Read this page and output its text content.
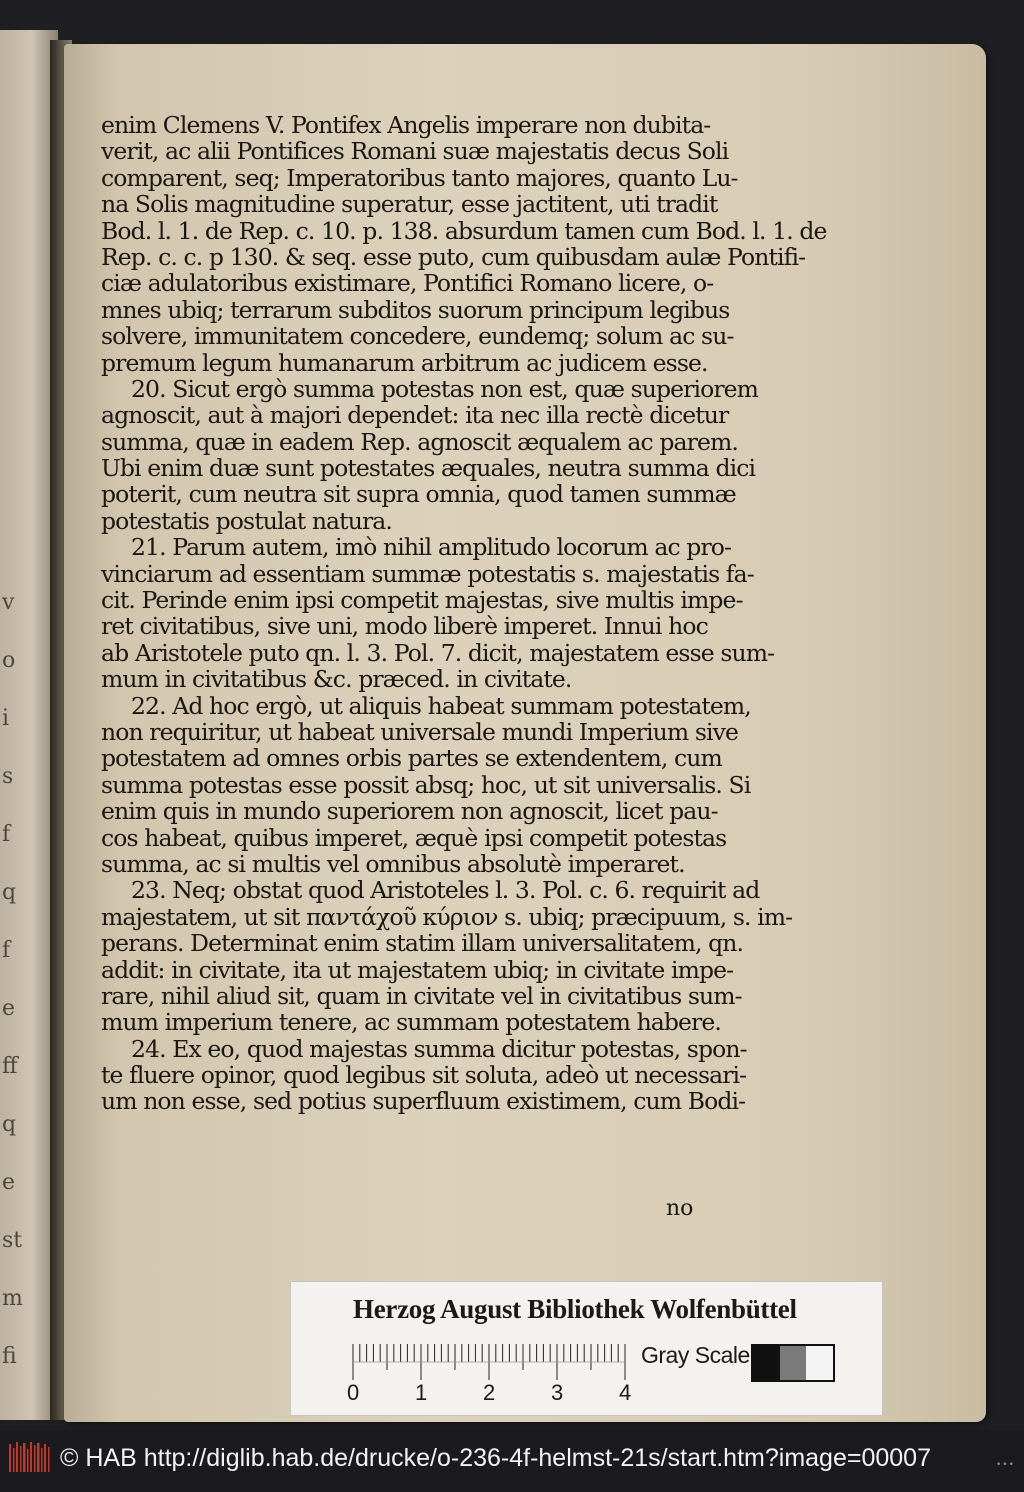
v
o
i
s
f
q
f
e
ff
q
e
st
m
fi
enim Clemens V. Pontifex Angelis imperare non dubita-
verit, ac alii Pontifices Romani suæ majestatis decus Soli
comparent, seq; Imperatoribus tanto majores, quanto Lu-
na Solis magnitudine superatur, esse jactitent, uti tradit
Bod. l. 1. de Rep. c. 10. p. 138. absurdum tamen cum Bod. l. 1. de
Rep. c. c. p 130. & seq. esse puto, cum quibusdam aulæ Pontifi-
ciæ adulatoribus existimare, Pontifici Romano licere, o-
mnes ubiq; terrarum subditos suorum principum legibus
solvere, immunitatem concedere, eundemq; solum ac su-
premum legum humanarum arbitrum ac judicem esse.
20. Sicut ergò summa potestas non est, quæ superiorem
agnoscit, aut à majori dependet: ita nec illa rectè dicetur
summa, quæ in eadem Rep. agnoscit æqualem ac parem.
Ubi enim duæ sunt potestates æquales, neutra summa dici
poterit, cum neutra sit supra omnia, quod tamen summæ
potestatis postulat natura.
21. Parum autem, imò nihil amplitudo locorum ac pro-
vinciarum ad essentiam summæ potestatis s. majestatis fa-
cit. Perinde enim ipsi competit majestas, sive multis impe-
ret civitatibus, sive uni, modo liberè imperet. Innui hoc
ab Aristotele puto qn. l. 3. Pol. 7. dicit, majestatem esse sum-
mum in civitatibus &c. præced. in civitate.
22. Ad hoc ergò, ut aliquis habeat summam potestatem,
non requiritur, ut habeat universale mundi Imperium sive
potestatem ad omnes orbis partes se extendentem, cum
summa potestas esse possit absq; hoc, ut sit universalis. Si
enim quis in mundo superiorem non agnoscit, licet pau-
cos habeat, quibus imperet, æquè ipsi competit potestas
summa, ac si multis vel omnibus absolutè imperaret.
23. Neq; obstat quod Aristoteles l. 3. Pol. c. 6. requirit ad
majestatem, ut sit παντάχοῦ κύριον s. ubiq; præcipuum, s. im-
perans. Determinat enim statim illam universalitatem, qn.
addit: in civitate, ita ut majestatem ubiq; in civitate impe-
rare, nihil aliud sit, quam in civitate vel in civitatibus sum-
mum imperium tenere, ac summam potestatem habere.
24. Ex eo, quod majestas summa dicitur potestas, spon-
te fluere opinor, quod legibus sit soluta, adeò ut necessari-
um non esse, sed potius superfluum existimem, cum Bodi-
no
Herzog August Bibliothek Wolfenbüttel
0	1	2	3	4
Gray Scale
© HAB http://diglib.hab.de/drucke/o-236-4f-helmst-21s/start.htm?image=00007	•••
